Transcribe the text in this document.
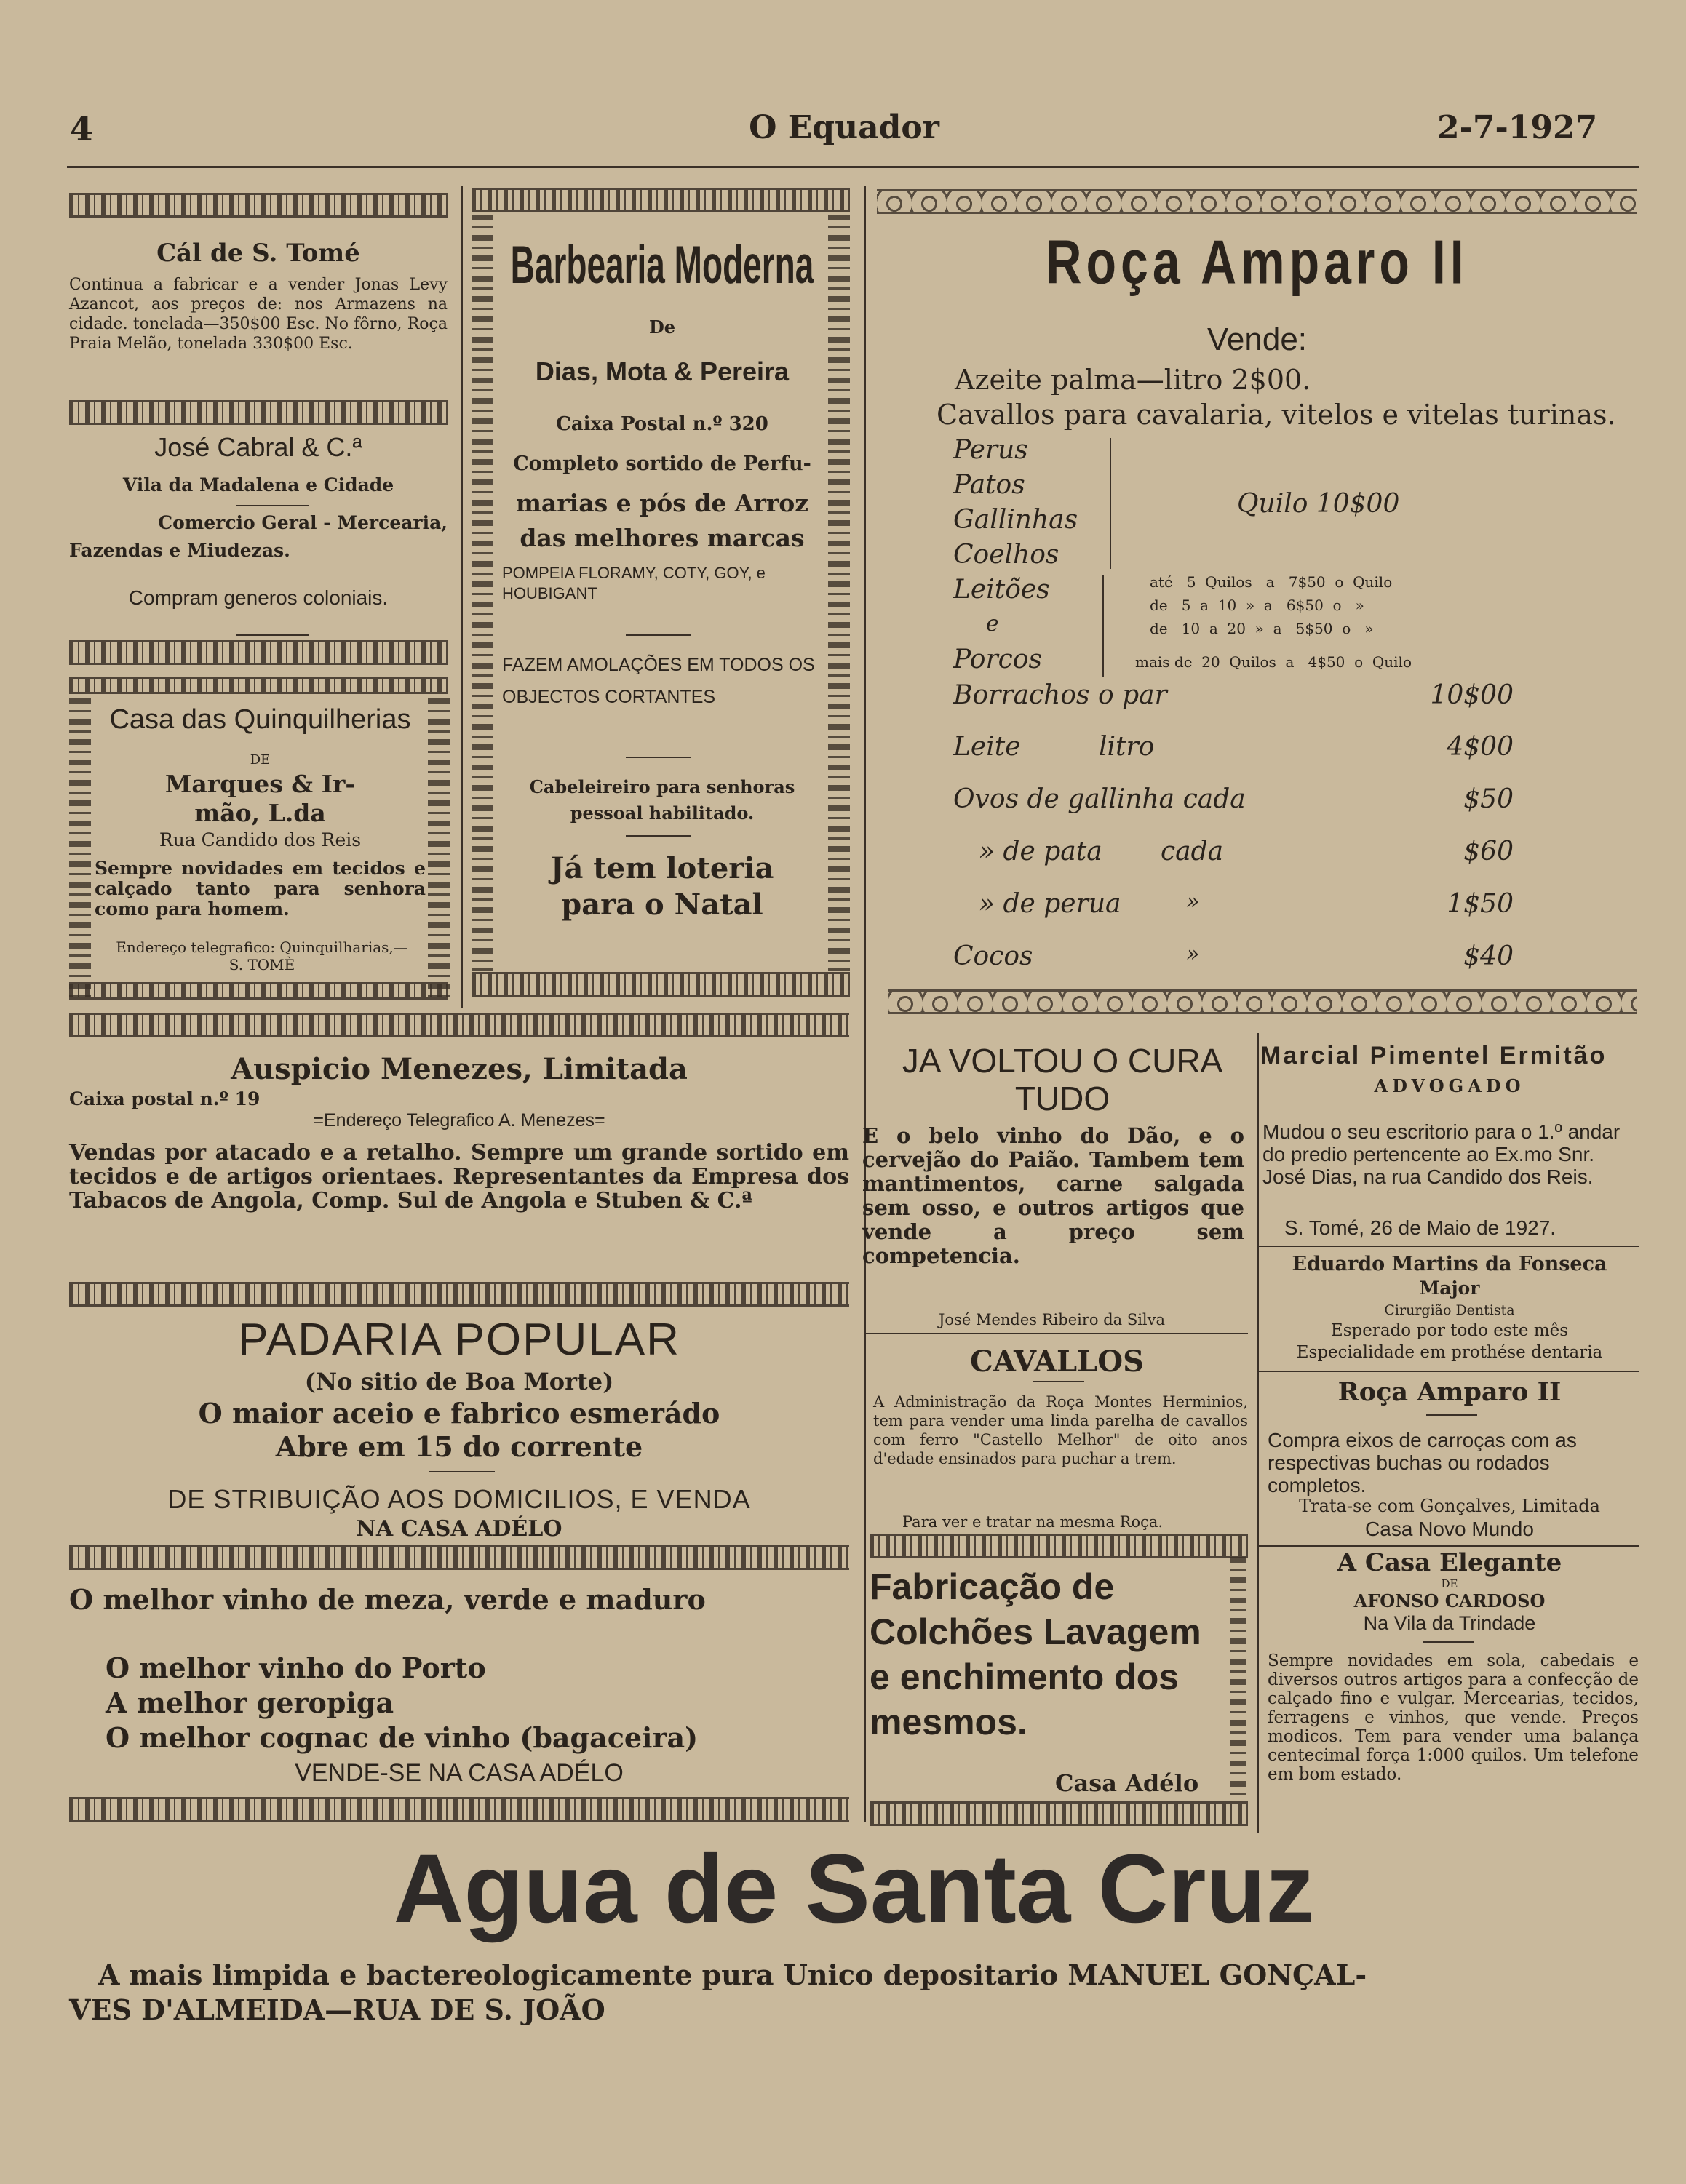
4	O Equador	2-7-1927
Cál de S. Tomé
Continua a fabricar e a vender Jonas Levy Azancot, aos preços de: nos Armazens na cidade. tonelada—350$00 Esc. No fôrno, Roça Praia Melão, tonelada 330$00 Esc.
José Cabral & C.ª
Vila da Madalena e Cidade
Comercio Geral - Mercearia,
Fazendas e Miudezas.
Compram generos coloniais.
Casa das Quinquilherias
DE
Marques & Ir-
mão, L.da
Rua Candido dos Reis
Sempre novidades em tecidos e calçado tanto para senhora como para homem.
Endereço telegrafico: Quinquilharias,—S. TOMÈ
Barbearia Moderna
De
Dias, Mota & Pereira
Caixa Postal n.º 320
Completo sortido de Perfu-
marias e pós de Arroz
das melhores marcas
POMPEIA FLORAMY, COTY, GOY, e HOUBIGANT
FAZEM AMOLAÇÕES EM TODOS OS OBJECTOS CORTANTES
Cabeleireiro para senhoras pessoal habilitado.
Já tem loteria
para o Natal
Roça Amparo II
Vende:
Azeite palma—litro 2$00.
Cavallos para cavalaria, vitelos e vitelas turinas.
Perus
Patos
Gallinhas
Coelhos
Quilo 10$00
Leitões
e
Porcos
até   5  Quilos   a   7$50  o  Quilo
de   5  a  10  »  a   6$50  o   »
de   10  a  20  »  a   5$50  o   »
mais de  20  Quilos  a   4$50  o  Quilo
Borrachos o par	10$00
Leite	litro	4$00
Ovos de gallinha cada	$50
» de pata cada	$60
» de perua	»	1$50
Cocos	»	$40
Auspicio Menezes, Limitada
Caixa postal n.º 19
=Endereço Telegrafico A. Menezes=
Vendas por atacado e a retalho. Sempre um grande sortido em tecidos e de artigos orientaes. Representantes da Empresa dos Tabacos de Angola, Comp. Sul de Angola e Stuben & C.ª
PADARIA POPULAR
(No sitio de Boa Morte)
O maior aceio e fabrico esmerádo
Abre em 15 do corrente
DE STRIBUIÇÃO AOS DOMICILIOS, E VENDA
NA CASA ADÉLO
O melhor vinho de meza, verde e maduro
O melhor vinho do Porto
A melhor geropiga
O melhor cognac de vinho (bagaceira)
VENDE-SE NA CASA ADÉLO
JA VOLTOU O CURA TUDO
E o belo vinho do Dão, e o cervejão do Paião. Tambem tem mantimentos, carne salgada sem osso, e outros artigos que vende a preço sem competencia.
José Mendes Ribeiro da Silva
CAVALLOS
A Administração da Roça Montes Herminios, tem para vender uma linda parelha de cavallos com ferro "Castello Melhor" de oito anos d'edade ensinados para puchar a trem.
Para ver e tratar na mesma Roça.
Fabricação de Colchões Lavagem e enchimento dos mesmos.
Casa Adélo
Marcial Pimentel Ermitão
ADVOGADO
Mudou o seu escritorio para o 1.º andar do predio pertencente ao Ex.mo Snr. José Dias, na rua Candido dos Reis.
S. Tomé, 26 de Maio de 1927.
Eduardo Martins da Fonseca
Major
Cirurgião Dentista
Esperado por todo este mês
Especialidade em prothése dentaria
Roça Amparo II
Compra eixos de carroças com as respectivas buchas ou rodados completos.
Trata-se com Gonçalves, Limitada
Casa Novo Mundo
A Casa Elegante
DE
AFONSO CARDOSO
Na Vila da Trindade
Sempre novidades em sola, cabedais e diversos outros artigos para a confecção de calçado fino e vulgar. Mercearias, tecidos, ferragens e vinhos, que vende. Preços modicos. Tem para vender uma balança centecimal força 1:000 quilos. Um telefone em bom estado.
Agua de Santa Cruz
A mais limpida e bactereologicamente pura Unico depositario MANUEL GONÇAL-
VES D'ALMEIDA—RUA DE S. JOÃO
